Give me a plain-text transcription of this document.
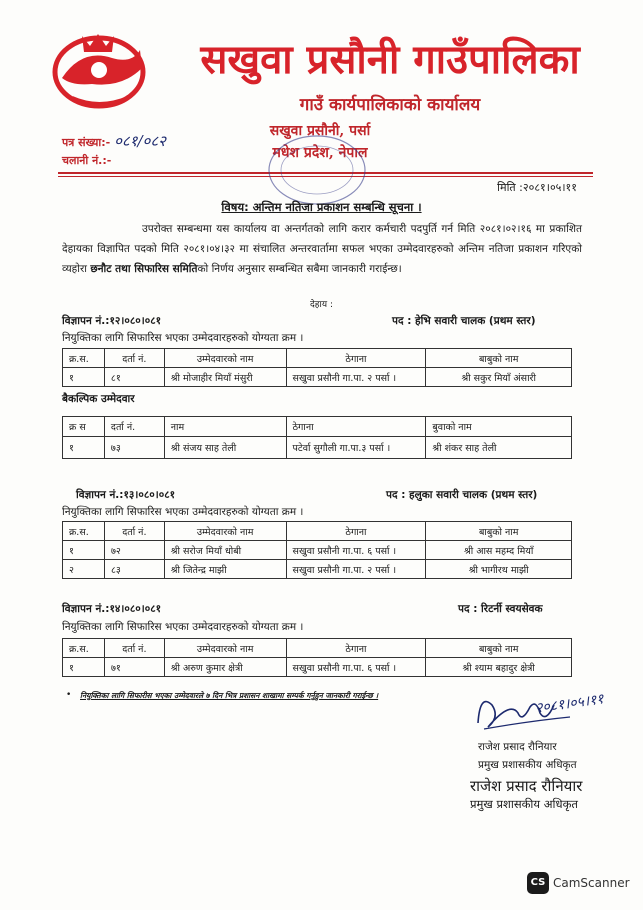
सखुवा प्रसौनी गाउँपालिका
गाउँ कार्यपालिकाको कार्यालय
सखुवा प्रसौनी, पर्सा
मधेश प्रदेश, नेपाल
पत्र संख्या:- ०८१/०८२
चलानी नं.:-
मिति :२०८१।०५।११
विषय: अन्तिम नतिजा प्रकाशन सम्बन्धि सूचना ।
उपरोक्त सम्बन्धमा यस कार्यालय वा अन्तर्गतको लागि करार कर्मचारी पदपुर्ति गर्न मिति २०८१।०२।१६ मा प्रकाशित देहायका विज्ञापित पदको मिति २०८१।०४।३२ मा संचालित अन्तरवार्तामा सफल भएका उम्मेदवारहरुको अन्तिम नतिजा प्रकाशन गरिएको व्यहोरा छनौट तथा सिफारिस समितिको निर्णय अनुसार सम्बन्धित सबैमा जानकारी गराईन्छ।
देहाय :
विज्ञापन नं.:१२।०८०।०८१	पद : हेभि सवारी चालक (प्रथम स्तर)
नियुक्तिका लागि सिफारिस भएका उम्मेदवारहरुको योग्यता क्रम ।
क्र.स.	दर्ता नं.	उम्मेदवारको नाम	ठेगाना	बाबुको नाम
१	८१	श्री मोजाहीर मियाँ मंसुरी	सखुवा प्रसौनी गा.पा. २ पर्सा ।	श्री सकुर मियाँ अंसारी
बैकल्पिक उम्मेदवार
क्र स	दर्ता नं.	नाम	ठेगाना	बुवाको नाम
१	७३	श्री संजय साह तेली	पटेर्वा सुगौली गा.पा.३ पर्सा ।	श्री शंकर साह तेली
विज्ञापन नं.:१३।०८०।०८१	पद : हलुका सवारी चालक (प्रथम स्तर)
नियुक्तिका लागि सिफारिस भएका उम्मेदवारहरुको योग्यता क्रम ।
क्र.स.	दर्ता नं.	उम्मेदवारको नाम	ठेगाना	बाबुको नाम
१	७२	श्री सरोज मियाँ धोबी	सखुवा प्रसौनी गा.पा. ६ पर्सा ।	श्री आस महम्द मियाँ
२	८३	श्री जितेन्द्र माझी	सखुवा प्रसौनी गा.पा. २ पर्सा ।	श्री भागीरथ माझी
विज्ञापन नं.:१४।०८०।०८१	पद : रिटर्नी स्वयसेवक
नियुक्तिका लागि सिफारिस भएका उम्मेदवारहरुको योग्यता क्रम ।
क्र.स.	दर्ता नं.	उम्मेदवारको नाम	ठेगाना	बाबुको नाम
१	७१	श्री अरुण कुमार क्षेत्री	सखुवा प्रसौनी गा.पा. ६ पर्सा ।	श्री श्याम बहादुर क्षेत्री
• नियुक्तिका लागि सिफारीस भएका उम्मेदवारले ७ दिन भित्र प्रशासन शाखामा सम्पर्क गर्नुहुन जानकारी गराईन्छ ।	२०८१।०५।११
राजेश प्रसाद रौनियार
प्रमुख प्रशासकीय अधिकृत
राजेश प्रसाद रौनियार
प्रमुख प्रशासकीय अधिकृत
CS CamScanner
